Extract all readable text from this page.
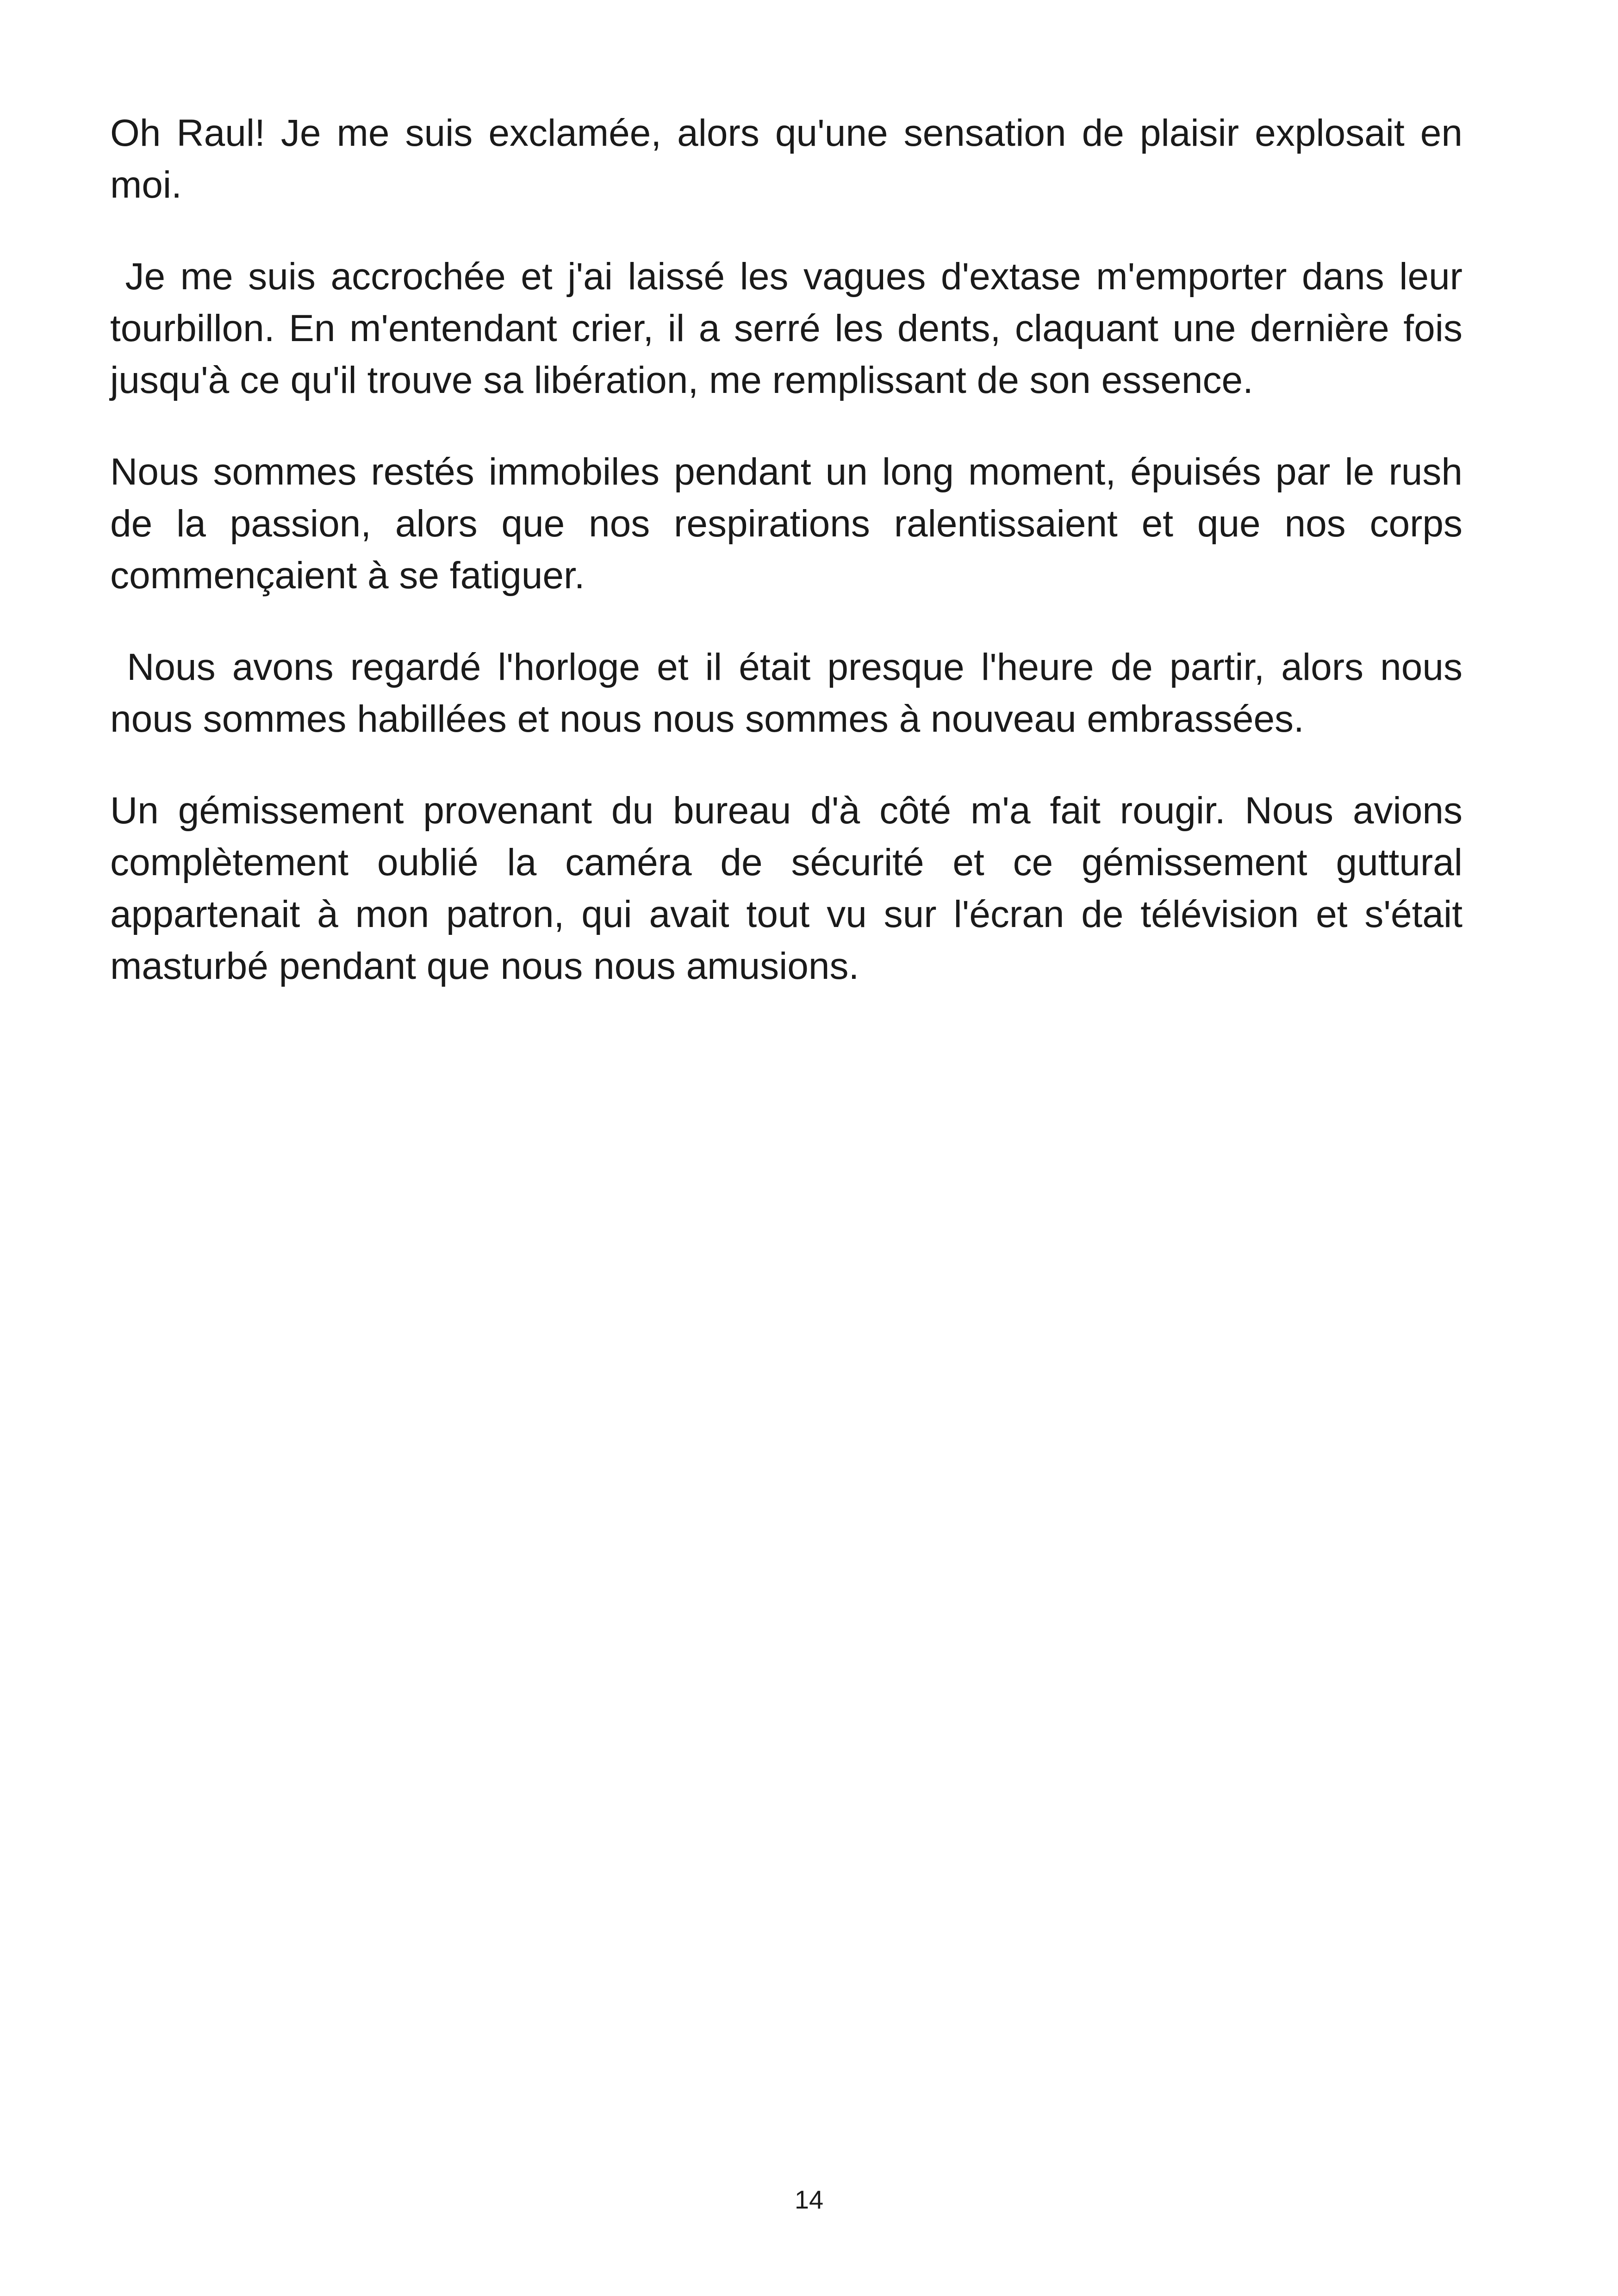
Oh Raul! Je me suis exclamée, alors qu'une sensation de plaisir explosait en moi.

Je me suis accrochée et j'ai laissé les vagues d'extase m'emporter dans leur tourbillon. En m'entendant crier, il a serré les dents, claquant une dernière fois jusqu'à ce qu'il trouve sa libération, me remplissant de son essence.

Nous sommes restés immobiles pendant un long moment, épuisés par le rush de la passion, alors que nos respirations ralentissaient et que nos corps commençaient à se fatiguer.

Nous avons regardé l'horloge et il était presque l'heure de partir, alors nous nous sommes habillées et nous nous sommes à nouveau embrassées.

Un gémissement provenant du bureau d'à côté m'a fait rougir. Nous avions complètement oublié la caméra de sécurité et ce gémissement guttural appartenait à mon patron, qui avait tout vu sur l'écran de télévision et s'était masturbé pendant que nous nous amusions.

14
